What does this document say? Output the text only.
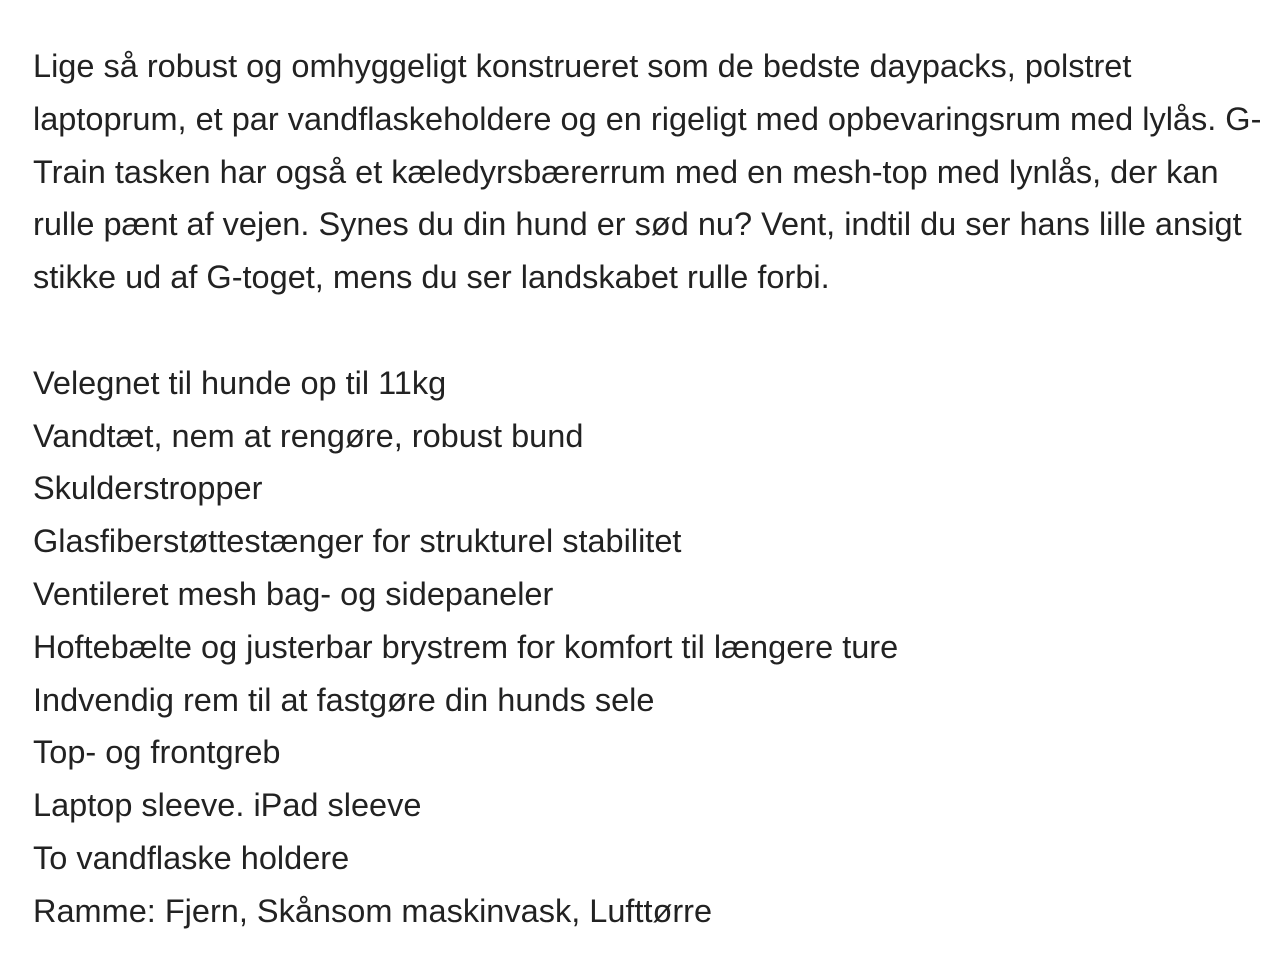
Lige så robust og omhyggeligt konstrueret som de bedste daypacks, polstret laptoprum, et par vandflaskeholdere og en rigeligt med opbevaringsrum med lylås. G-Train tasken har også et kæledyrsbærerrum med en mesh-top med lynlås, der kan rulle pænt af vejen. Synes du din hund er sød nu? Vent, indtil du ser hans lille ansigt stikke ud af G-toget, mens du ser landskabet rulle forbi.

Velegnet til hunde op til 11kg
Vandtæt, nem at rengøre, robust bund
Skulderstropper
Glasfiberstøttestænger for strukturel stabilitet
Ventileret mesh bag- og sidepaneler
Hoftebælte og justerbar brystrem for komfort til længere ture
Indvendig rem til at fastgøre din hunds sele
Top- og frontgreb
Laptop sleeve. iPad sleeve
To vandflaske holdere
Ramme: Fjern, Skånsom maskinvask, Lufttørre
